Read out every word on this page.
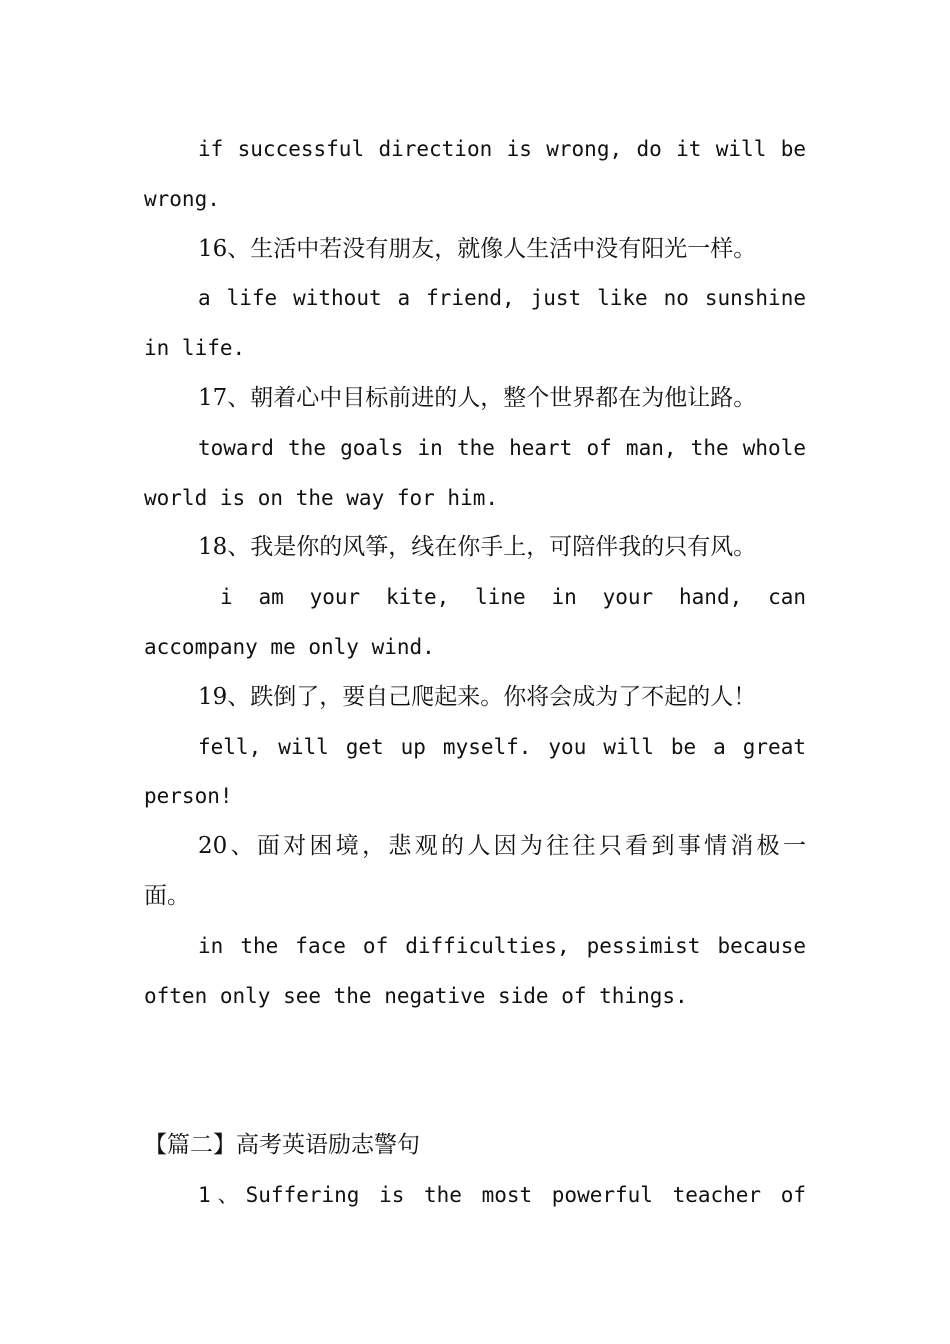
if successful direction is wrong, do it will be
wrong.
16、生活中若没有朋友，就像人生活中没有阳光一样。
a life without a friend, just like no sunshine
in life.
17、朝着心中目标前进的人，整个世界都在为他让路。
toward the goals in the heart of man, the whole
world is on the way for him.
18、我是你的风筝，线在你手上，可陪伴我的只有风。
i am your kite, line in your hand, can
accompany me only wind.
19、跌倒了，要自己爬起来。你将会成为了不起的人！
fell, will get up myself. you will be a great
person!
20、面对困境，悲观的人因为往往只看到事情消极一
面。
in the face of difficulties, pessimist because
often only see the negative side of things.
【篇二】高考英语励志警句
1、Suffering is the most powerful teacher of
